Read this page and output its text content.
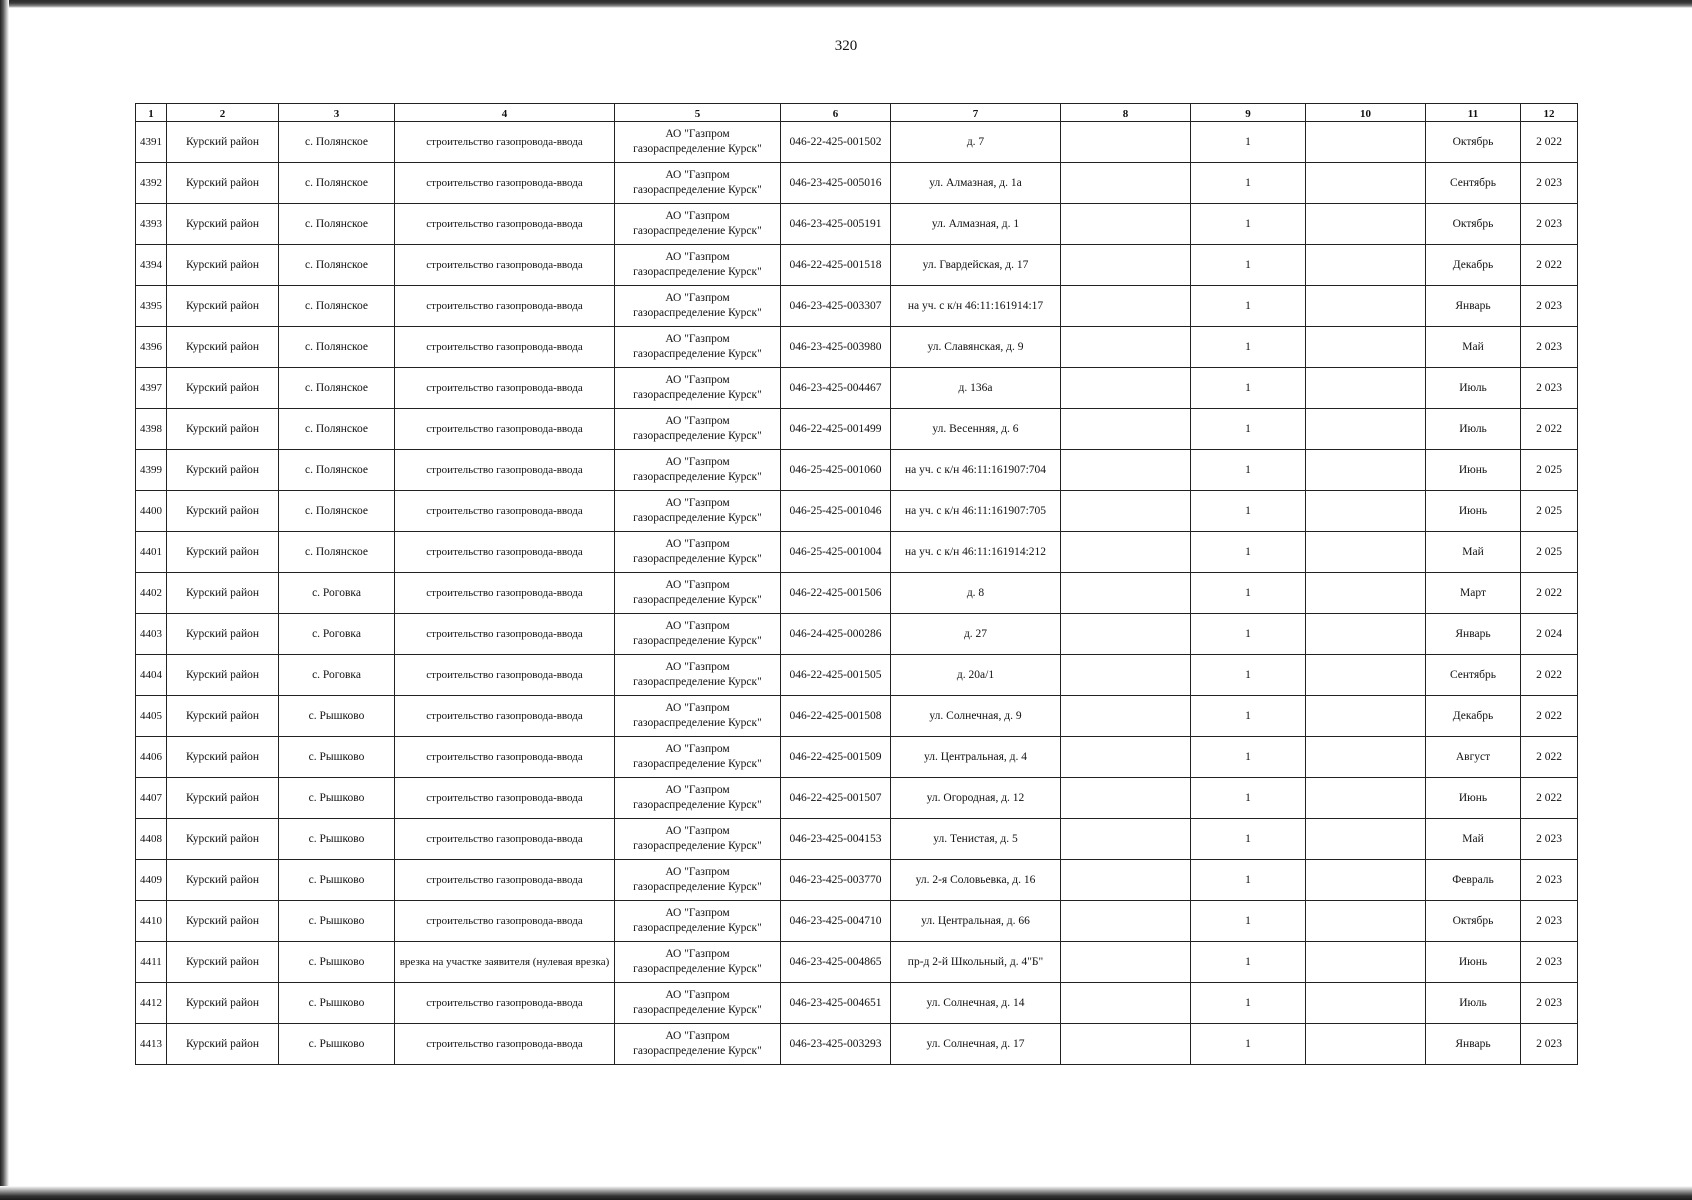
320
1	2	3	4	5	6	7	8	9	10	11	12
4391	Курский район	с. Полянское	строительство газопровода-ввода	АО "Газпром газораспределение Курск"	046-22-425-001502	д. 7		1		Октябрь	2 022
4392	Курский район	с. Полянское	строительство газопровода-ввода	АО "Газпром газораспределение Курск"	046-23-425-005016	ул. Алмазная, д. 1а		1		Сентябрь	2 023
4393	Курский район	с. Полянское	строительство газопровода-ввода	АО "Газпром газораспределение Курск"	046-23-425-005191	ул. Алмазная, д. 1		1		Октябрь	2 023
4394	Курский район	с. Полянское	строительство газопровода-ввода	АО "Газпром газораспределение Курск"	046-22-425-001518	ул. Гвардейская, д. 17		1		Декабрь	2 022
4395	Курский район	с. Полянское	строительство газопровода-ввода	АО "Газпром газораспределение Курск"	046-23-425-003307	на уч. с к/н 46:11:161914:17		1		Январь	2 023
4396	Курский район	с. Полянское	строительство газопровода-ввода	АО "Газпром газораспределение Курск"	046-23-425-003980	ул. Славянская, д. 9		1		Май	2 023
4397	Курский район	с. Полянское	строительство газопровода-ввода	АО "Газпром газораспределение Курск"	046-23-425-004467	д. 136а		1		Июль	2 023
4398	Курский район	с. Полянское	строительство газопровода-ввода	АО "Газпром газораспределение Курск"	046-22-425-001499	ул. Весенняя, д. 6		1		Июль	2 022
4399	Курский район	с. Полянское	строительство газопровода-ввода	АО "Газпром газораспределение Курск"	046-25-425-001060	на уч. с к/н 46:11:161907:704		1		Июнь	2 025
4400	Курский район	с. Полянское	строительство газопровода-ввода	АО "Газпром газораспределение Курск"	046-25-425-001046	на уч. с к/н 46:11:161907:705		1		Июнь	2 025
4401	Курский район	с. Полянское	строительство газопровода-ввода	АО "Газпром газораспределение Курск"	046-25-425-001004	на уч. с к/н 46:11:161914:212		1		Май	2 025
4402	Курский район	с. Роговка	строительство газопровода-ввода	АО "Газпром газораспределение Курск"	046-22-425-001506	д. 8		1		Март	2 022
4403	Курский район	с. Роговка	строительство газопровода-ввода	АО "Газпром газораспределение Курск"	046-24-425-000286	д. 27		1		Январь	2 024
4404	Курский район	с. Роговка	строительство газопровода-ввода	АО "Газпром газораспределение Курск"	046-22-425-001505	д. 20а/1		1		Сентябрь	2 022
4405	Курский район	с. Рышково	строительство газопровода-ввода	АО "Газпром газораспределение Курск"	046-22-425-001508	ул. Солнечная, д. 9		1		Декабрь	2 022
4406	Курский район	с. Рышково	строительство газопровода-ввода	АО "Газпром газораспределение Курск"	046-22-425-001509	ул. Центральная, д. 4		1		Август	2 022
4407	Курский район	с. Рышково	строительство газопровода-ввода	АО "Газпром газораспределение Курск"	046-22-425-001507	ул. Огородная, д. 12		1		Июнь	2 022
4408	Курский район	с. Рышково	строительство газопровода-ввода	АО "Газпром газораспределение Курск"	046-23-425-004153	ул. Тенистая, д. 5		1		Май	2 023
4409	Курский район	с. Рышково	строительство газопровода-ввода	АО "Газпром газораспределение Курск"	046-23-425-003770	ул. 2-я Соловьевка, д. 16		1		Февраль	2 023
4410	Курский район	с. Рышково	строительство газопровода-ввода	АО "Газпром газораспределение Курск"	046-23-425-004710	ул. Центральная, д. 66		1		Октябрь	2 023
4411	Курский район	с. Рышково	врезка на участке заявителя (нулевая врезка)	АО "Газпром газораспределение Курск"	046-23-425-004865	пр-д 2-й Школьный, д. 4"Б"		1		Июнь	2 023
4412	Курский район	с. Рышково	строительство газопровода-ввода	АО "Газпром газораспределение Курск"	046-23-425-004651	ул. Солнечная, д. 14		1		Июль	2 023
4413	Курский район	с. Рышково	строительство газопровода-ввода	АО "Газпром газораспределение Курск"	046-23-425-003293	ул. Солнечная, д. 17		1		Январь	2 023
